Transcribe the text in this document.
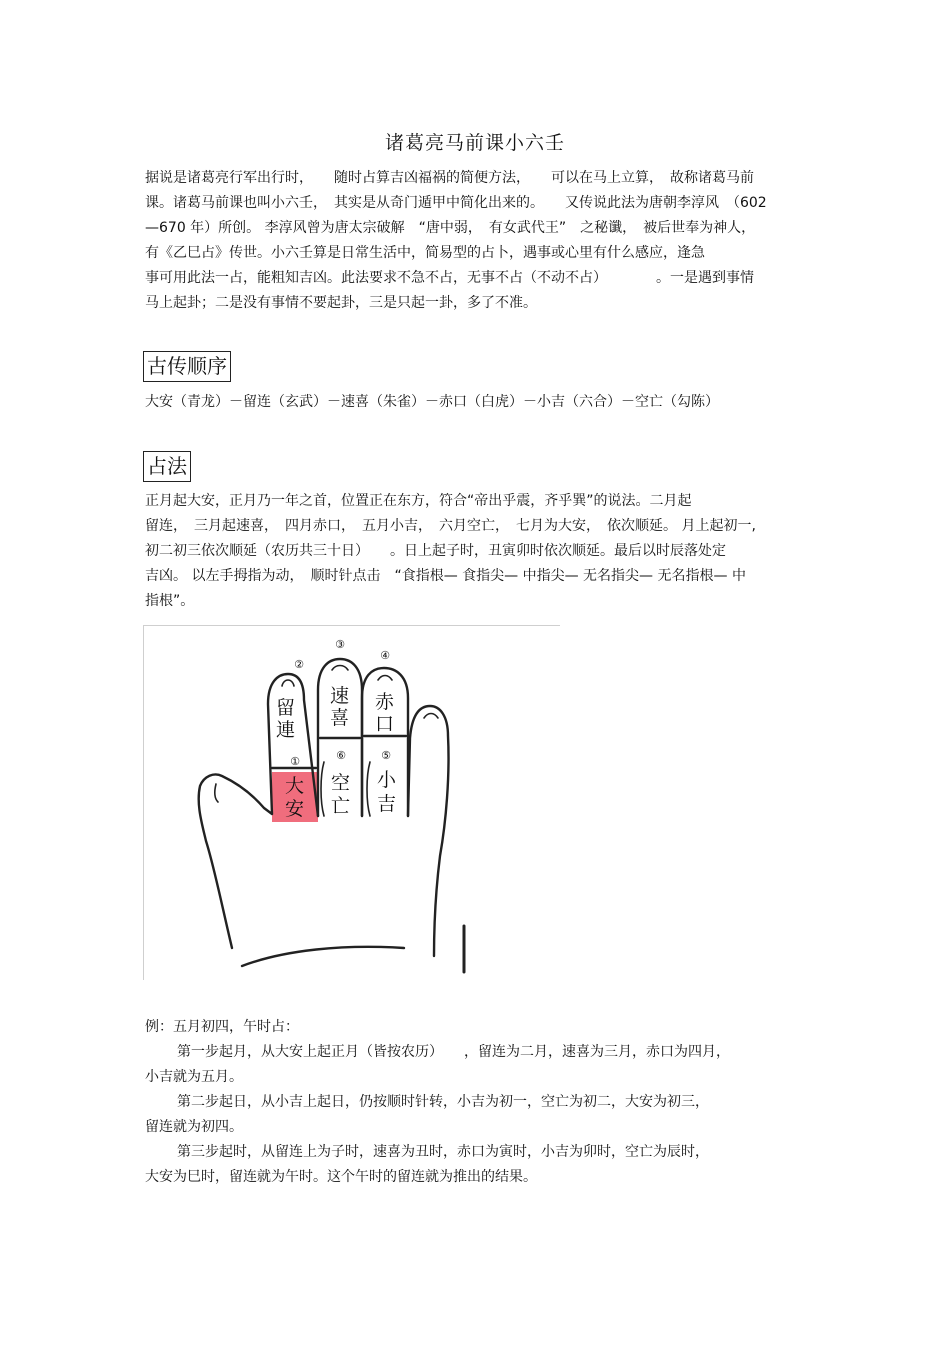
诸葛亮马前课小六壬
据说是诸葛亮行军出行时，　　随时占算吉凶福祸的简便方法，　　可以在马上立算，　故称诸葛马前
课。诸葛马前课也叫小六壬，　其实是从奇门遁甲中简化出来的。　　又传说此法为唐朝李淳风　（602
—670 年）所创。 李淳风曾为唐太宗破解　“唐中弱，　有女武代王”　之秘谶，　被后世奉为神人，
有《乙巳占》传世。小六壬算是日常生活中，简易型的占卜，遇事或心里有什么感应，逢急
事可用此法一占，能粗知吉凶。此法要求不急不占，无事不占（不动不占）　　　　。一是遇到事情
马上起卦；二是没有事情不要起卦，三是只起一卦，多了不准。
古传顺序
大安（青龙）－留连（玄武）－速喜（朱雀）－赤口（白虎）－小吉（六合）－空亡（勾陈）
占法
正月起大安，正月乃一年之首，位置正在东方，符合“帝出乎震，齐乎巽”的说法。二月起
留连，　三月起速喜，　四月赤口，　五月小吉，　六月空亡，　七月为大安，　依次顺延。 月上起初一,
初二初三依次顺延（农历共三十日）　　。日上起子时，丑寅卯时依次顺延。最后以时辰落处定
吉凶。 以左手拇指为动，　顺时针点击　“食指根— 食指尖— 中指尖— 无名指尖— 无名指根— 中
指根”。
①
②
③
④
⑤
⑥
留
連
速
喜
赤
口
大
安
空
亡
小
吉
例：五月初四，午时占：
第一步起月，从大安上起正月（皆按农历）　　，留连为二月，速喜为三月，赤口为四月，
小吉就为五月。
第二步起日，从小吉上起日，仍按顺时针转，小吉为初一，空亡为初二，大安为初三，
留连就为初四。
第三步起时，从留连上为子时，速喜为丑时，赤口为寅时，小吉为卯时，空亡为辰时，
大安为巳时，留连就为午时。这个午时的留连就为推出的结果。
